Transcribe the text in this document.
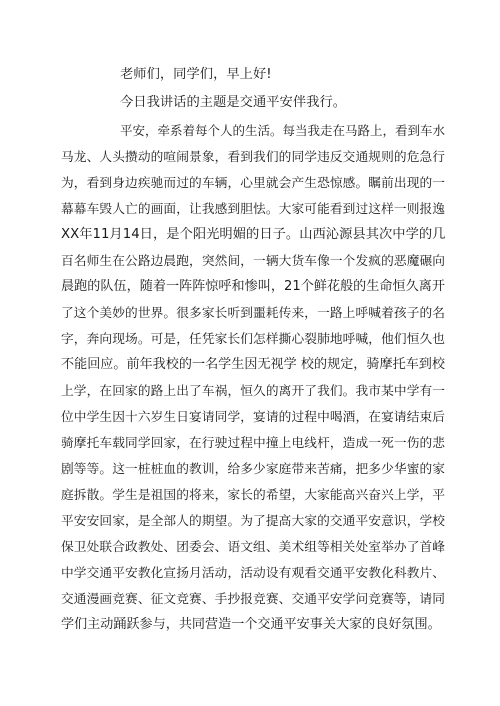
老师们，同学们，早上好!
今日我讲话的主题是交通平安伴我行。
平安，牵系着每个人的生活。每当我走在马路上，看到车水
马龙、人头攒动的喧闹景象，看到我们的同学违反交通规则的危急行
为，看到身边疾驰而过的车辆，心里就会产生恐惊感。瞩前出现的一
幕幕车毁人亡的画面，让我感到胆怯。大家可能看到过这样一则报逸
XX年11月14日，是个阳光明媚的日子。山西沁源县其次中学的几
百名师生在公路边晨跑，突然间，一辆大货车像一个发疯的恶魔碾向
晨跑的队伍，随着一阵阵惊呼和惨叫，21个鲜花般的生命恒久离开
了这个美妙的世界。很多家长听到噩耗传来，一路上呼喊着孩子的名
字，奔向现场。可是，任凭家长们怎样撕心裂肺地呼喊，他们恒久也
不能回应。前年我校的一名学生因无视学 校的规定，骑摩托车到校
上学，在回家的路上出了车祸，恒久的离开了我们。我市某中学有一
位中学生因十六岁生日宴请同学，宴请的过程中喝酒，在宴请结束后
骑摩托车载同学回家，在行驶过程中撞上电线杆，造成一死一伤的悲
剧等等。这一桩桩血的教训，给多少家庭带来苦痛，把多少华蜜的家
庭拆散。学生是祖国的将来，家长的希望，大家能高兴奋兴上学，平
平安安回家，是全部人的期望。为了提高大家的交通平安意识，学校
保卫处联合政教处、团委会、语文组、美术组等相关处室举办了首峰
中学交通平安教化宣扬月活动，活动设有观看交通平安教化科教片、
交通漫画竞赛、征文竞赛、手抄报竞赛、交通平安学问竞赛等，请同
学们主动踊跃参与，共同营造一个交通平安事关大家的良好氛围。
